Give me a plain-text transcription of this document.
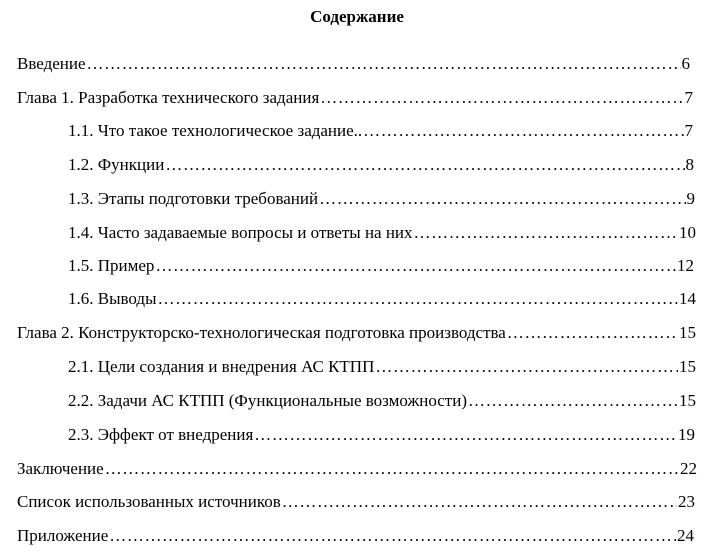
Содержание
Введение …………………………………………………………………………………………………………………………………………………………………………………………………	6
Глава 1. Разработка технического задания …………………………………………………………………………………………………………………………………………………………………………………………………	7
1.1. Что такое технологическое задание.. …………………………………………………………………………………………………………………………………………………………………………………………………	7
1.2. Функции …………………………………………………………………………………………………………………………………………………………………………………………………	8
1.3. Этапы подготовки требований …………………………………………………………………………………………………………………………………………………………………………………………………	9
1.4. Часто задаваемые вопросы и ответы на них …………………………………………………………………………………………………………………………………………………………………………………………………	10
1.5. Пример …………………………………………………………………………………………………………………………………………………………………………………………………	12
1.6. Выводы …………………………………………………………………………………………………………………………………………………………………………………………………	14
Глава 2. Конструкторско-технологическая подготовка производства …………………………………………………………………………………………………………………………………………………………………………………………………	15
2.1. Цели создания и внедрения АС КТПП …………………………………………………………………………………………………………………………………………………………………………………………………	15
2.2. Задачи АС КТПП (Функциональные возможности) …………………………………………………………………………………………………………………………………………………………………………………………………	15
2.3. Эффект от внедрения …………………………………………………………………………………………………………………………………………………………………………………………………	19
Заключение …………………………………………………………………………………………………………………………………………………………………………………………………	22
Список использованных источников …………………………………………………………………………………………………………………………………………………………………………………………………	23
Приложение …………………………………………………………………………………………………………………………………………………………………………………………………	24
